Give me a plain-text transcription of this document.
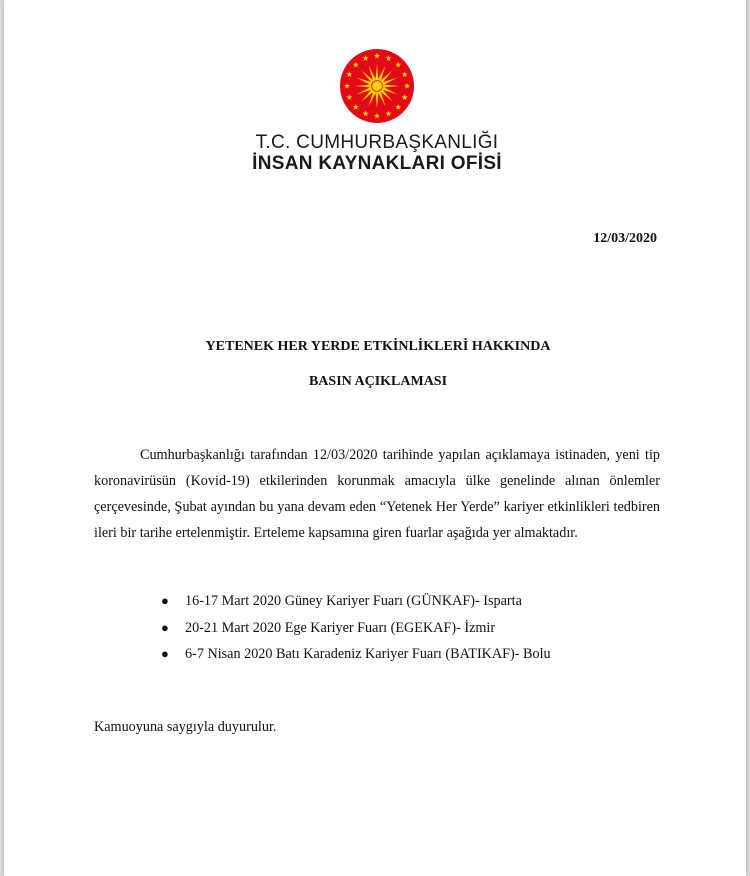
T.C. CUMHURBAŞKANLIĞI
İNSAN KAYNAKLARI OFİSİ
12/03/2020
YETENEK HER YERDE ETKİNLİKLERİ HAKKINDA
BASIN AÇIKLAMASI

Cumhurbaşkanlığı tarafından 12/03/2020 tarihinde yapılan açıklamaya istinaden, yeni tip koronavirüsün (Kovid-19) etkilerinden korunmak amacıyla ülke genelinde alınan önlemler çerçevesinde, Şubat ayından bu yana devam eden “Yetenek Her Yerde” kariyer etkinlikleri tedbiren ileri bir tarihe ertelenmiştir. Erteleme kapsamına giren fuarlar aşağıda yer almaktadır.

● 16-17 Mart 2020 Güney Kariyer Fuarı (GÜNKAF)- Isparta
● 20-21 Mart 2020 Ege Kariyer Fuarı (EGEKAF)- İzmir
● 6-7 Nisan 2020 Batı Karadeniz Kariyer Fuarı (BATIKAF)- Bolu
Kamuoyuna saygıyla duyurulur.
